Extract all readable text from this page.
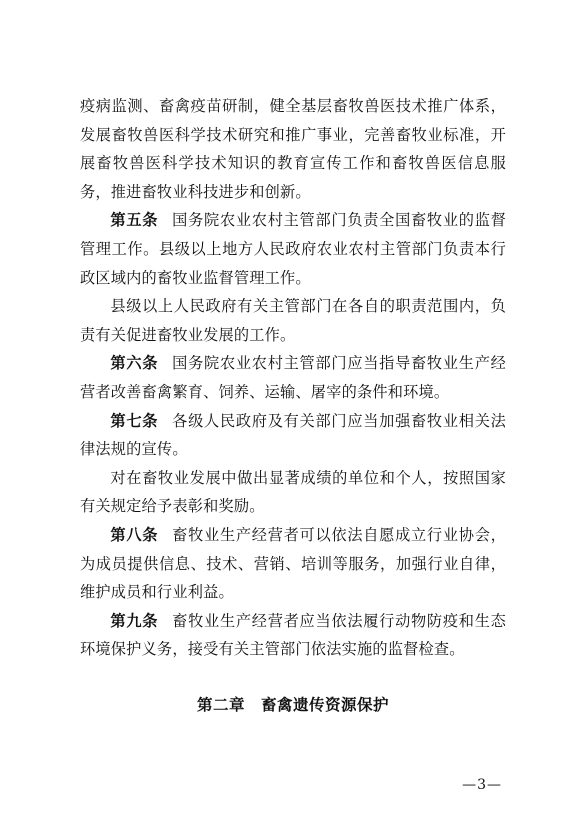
疫病监测、畜禽疫苗研制，健全基层畜牧兽医技术推广体系，发展畜牧兽医科学技术研究和推广事业，完善畜牧业标准，开展畜牧兽医科学技术知识的教育宣传工作和畜牧兽医信息服务，推进畜牧业科技进步和创新。

第五条 国务院农业农村主管部门负责全国畜牧业的监督管理工作。县级以上地方人民政府农业农村主管部门负责本行政区域内的畜牧业监督管理工作。

县级以上人民政府有关主管部门在各自的职责范围内，负责有关促进畜牧业发展的工作。

第六条 国务院农业农村主管部门应当指导畜牧业生产经营者改善畜禽繁育、饲养、运输、屠宰的条件和环境。

第七条 各级人民政府及有关部门应当加强畜牧业相关法律法规的宣传。

对在畜牧业发展中做出显著成绩的单位和个人，按照国家有关规定给予表彰和奖励。

第八条 畜牧业生产经营者可以依法自愿成立行业协会，为成员提供信息、技术、营销、培训等服务，加强行业自律，维护成员和行业利益。

第九条 畜牧业生产经营者应当依法履行动物防疫和生态环境保护义务，接受有关主管部门依法实施的监督检查。

第二章 畜禽遗传资源保护
—3—
